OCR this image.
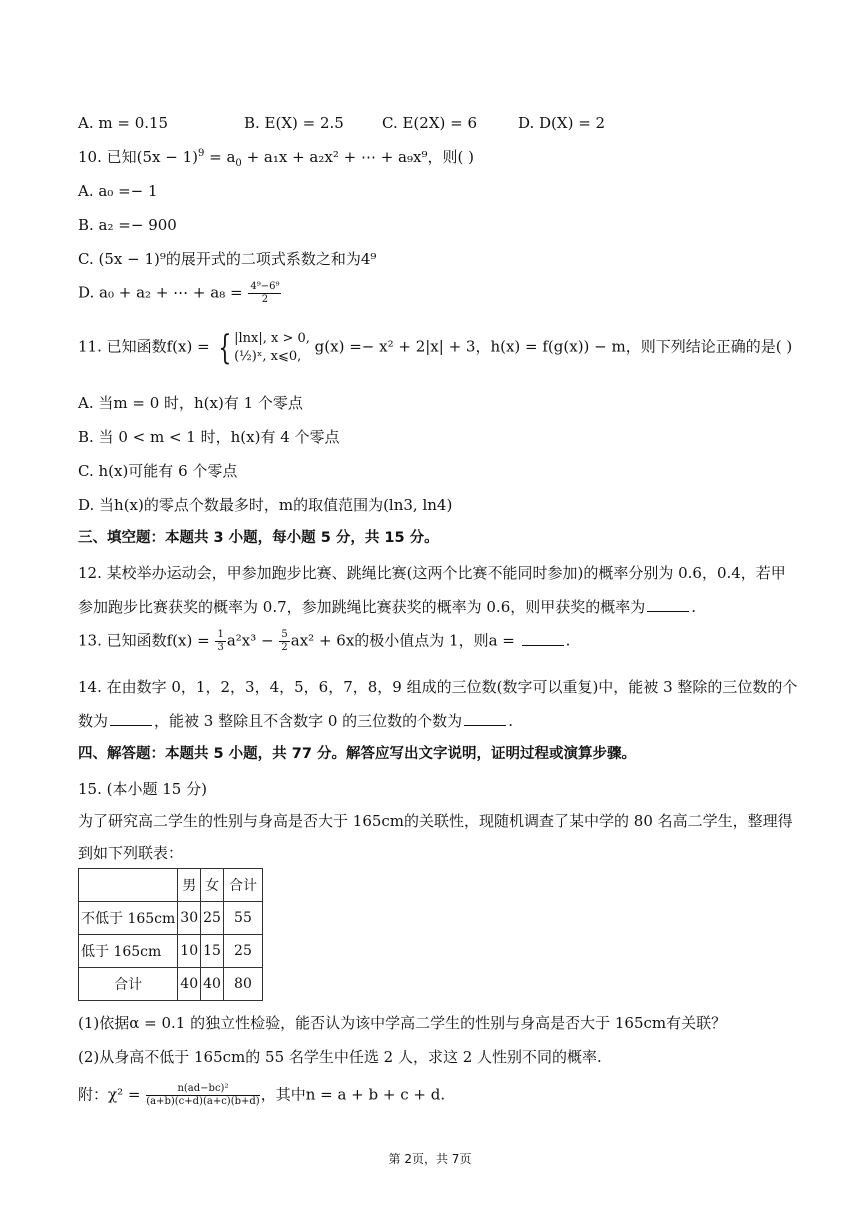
A. m = 0.15	B. E(X) = 2.5	C. E(2X) = 6	D. D(X) = 2
10. 已知$(5x - 1)^9 = a_0 + a_1x + a_2x^2$ + ⋯ + a₉x⁹，则( )
A. a₀ =− 1
B. a₂ =− 900
C. (5x − 1)⁹的展开式的二项式系数之和为4⁹
D. a₀ + a₂ + ⋯ + $a_8 = \frac{\text{4⁹−6⁹}}{2}$
11. 已知函数f(x) = { |lnx|, x > 0,
(½)ˣ, x⩽0,
g(x) =− x² + 2|x| + 3，h(x) = f(g(x)) − m，则下列结论正确的是( )
A. 当m = 0 时，h(x)有 1 个零点
B. 当 0 < m < 1 时，h(x)有 4 个零点
C. h(x)可能有 6 个零点
D. 当h(x)的零点个数最多时，m的取值范围为(ln3, ln4)
三、填空题：本题共 3 小题，每小题 5 分，共 15 分。
12. 某校举办运动会，甲参加跑步比赛、跳绳比赛(这两个比赛不能同时参加)的概率分别为 0.6，0.4，若甲
参加跑步比赛获奖的概率为 0.7，参加跳绳比赛获奖的概率为 0.6，则甲获奖的概率为	.
13. 已知函数$f(x) = \frac{1}{3} a^2x^3 - \frac{5}{2} ax^2 + 6x$的极小值点为 1，则a =	.
14. 在由数字 0，1，2，3，4，5，6，7，8，9 组成的三位数(数字可以重复)中，能被 3 整除的三位数的个
数为	，能被 3 整除且不含数字 0 的三位数的个数为	.
四、解答题：本题共 5 小题，共 77 分。解答应写出文字说明，证明过程或演算步骤。
15. (本小题 15 分)
为了研究高二学生的性别与身高是否大于 165cm的关联性，现随机调查了某中学的 80 名高二学生，整理得
到如下列联表：
	男	女	合计
不低于 165cm	30	25	55
低于 165cm	10	15	25
合计	40	40	80
(1)依据α = 0.1 的独立性检验，能否认为该中学高二学生的性别与身高是否大于 165cm有关联？
(2)从身高不低于 165cm的 55 名学生中任选 2 人，求这 2 人性别不同的概率.
附：$\chi^2 = \frac{\text{n(ad−bc)²}}{(a+b)(c+d)(a+c)(b+d)}$ ，其中n = a + b + c + d.
第 2页，共 7页
